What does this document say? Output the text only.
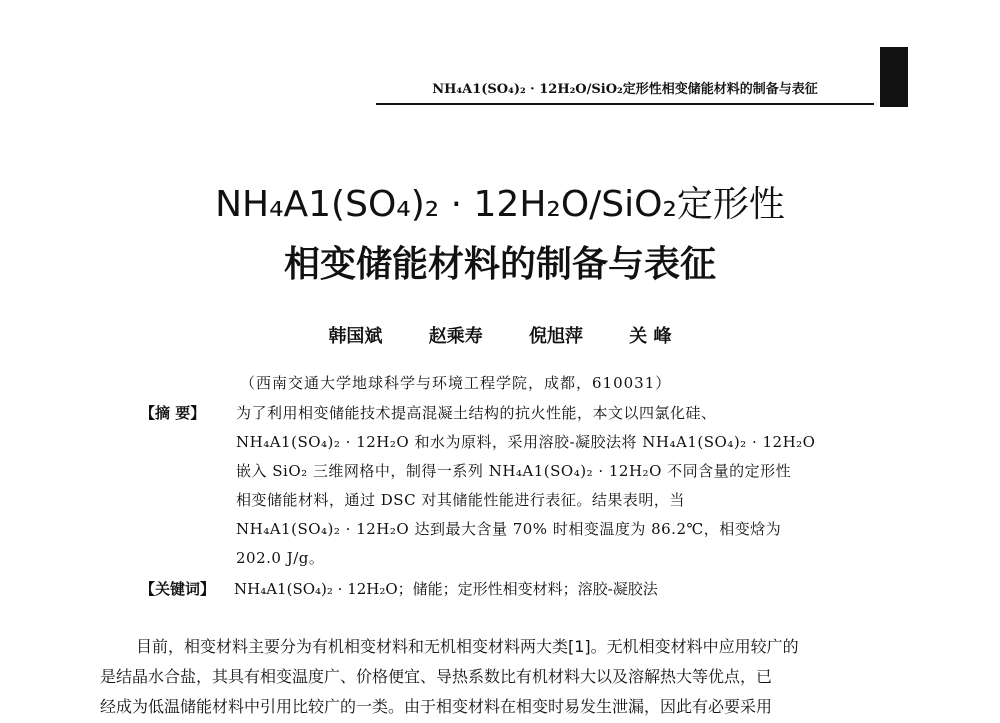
NH₄A1(SO₄)₂ · 12H₂O/SiO₂定形性相变储能材料的制备与表征
NH₄A1(SO₄)₂ · 12H₂O/SiO₂定形性
相变储能材料的制备与表征
韩国斌	赵乘寿	倪旭萍	关 峰
（西南交通大学地球科学与环境工程学院，成都，610031）
【摘 要】 为了利用相变储能技术提高混凝土结构的抗火性能，本文以四氯化硅、
NH₄A1(SO₄)₂ · 12H₂O 和水为原料，采用溶胶-凝胶法将 NH₄A1(SO₄)₂ · 12H₂O
嵌入 SiO₂ 三维网格中，制得一系列 NH₄A1(SO₄)₂ · 12H₂O 不同含量的定形性
相变储能材料，通过 DSC 对其储能性能进行表征。结果表明，当
NH₄A1(SO₄)₂ · 12H₂O 达到最大含量 70% 时相变温度为 86.2℃，相变焓为
202.0 J/g。
【关键词】 NH₄A1(SO₄)₂ · 12H₂O；储能；定形性相变材料；溶胶-凝胶法
目前，相变材料主要分为有机相变材料和无机相变材料两大类[1]。无机相变材料中应用较广的
是结晶水合盐，其具有相变温度广、价格便宜、导热系数比有机材料大以及溶解热大等优点，已
经成为低温储能材料中引用比较广的一类。由于相变材料在相变时易发生泄漏，因此有必要采用
